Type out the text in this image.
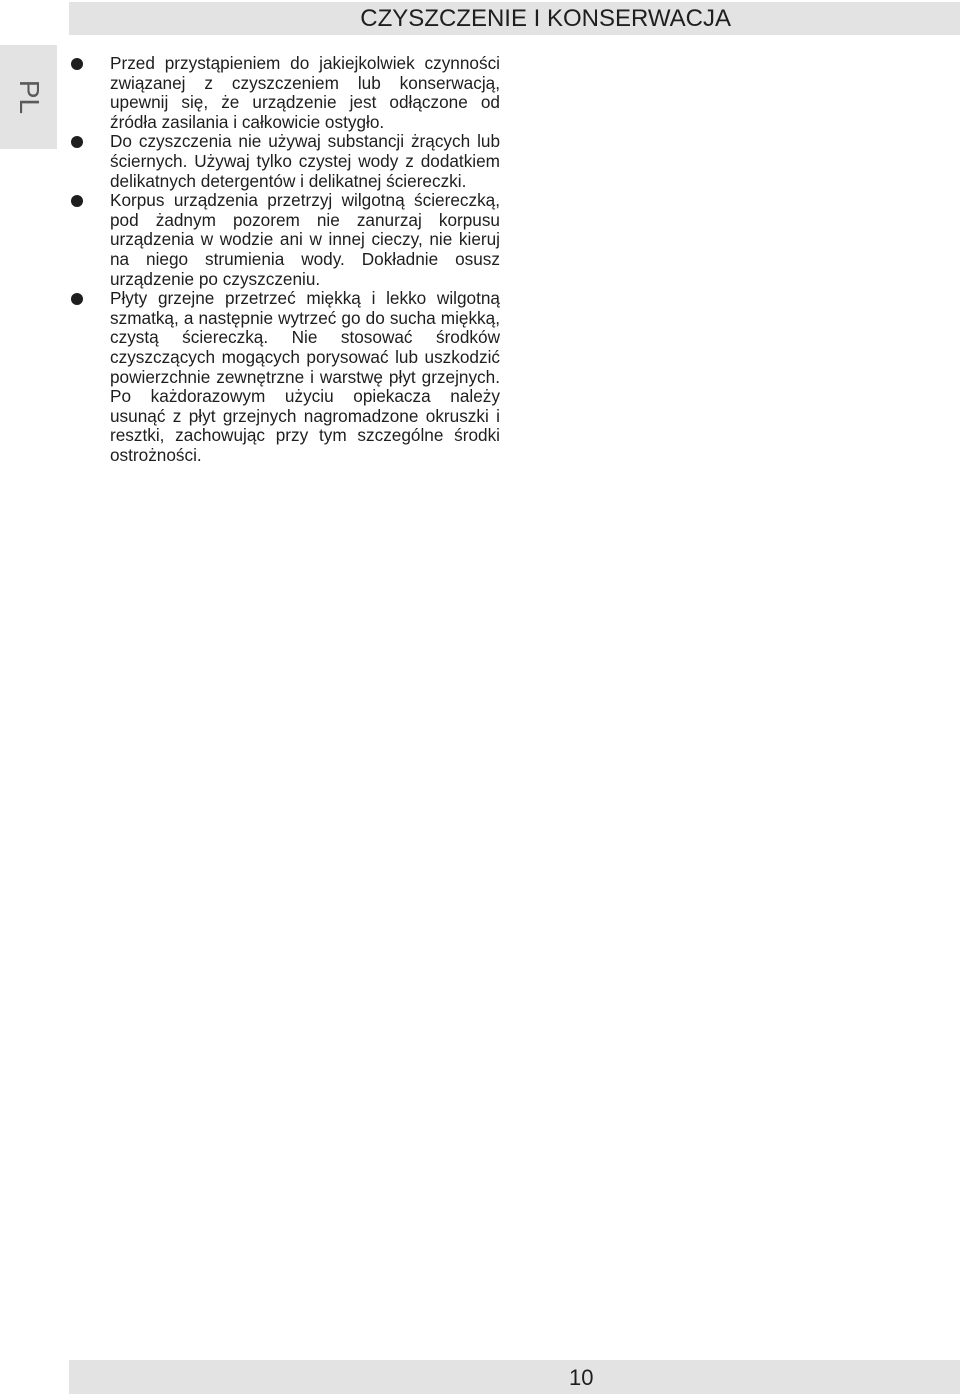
CZYSZCZENIE I KONSERWACJA
PL
Przed przystąpieniem do jakiejkolwiek czynności związanej z czyszczeniem lub konserwacją, upewnij się, że urządzenie jest odłączone od źródła zasilania i całkowicie ostygło.
Do czyszczenia nie używaj substancji żrących lub ściernych. Używaj tylko czystej wody z dodatkiem delikatnych detergentów i delikatnej ściereczki.
Korpus urządzenia przetrzyj wilgotną ściereczką, pod żadnym pozorem nie zanurzaj korpusu urządzenia w wodzie ani w innej cieczy, nie kieruj na niego strumienia wody. Dokładnie osusz urządzenie po czyszczeniu.
Płyty grzejne przetrzeć miękką i lekko wilgotną szmatką, a następnie wytrzeć go do sucha miękką, czystą ściereczką. Nie stosować środków czyszczących mogących porysować lub uszkodzić powierzchnie zewnętrzne i warstwę płyt grzejnych. Po każdorazowym użyciu opiekacza należy usunąć z płyt grzejnych nagromadzone okruszki i resztki, zachowując przy tym szczególne środki ostrożności.
10
